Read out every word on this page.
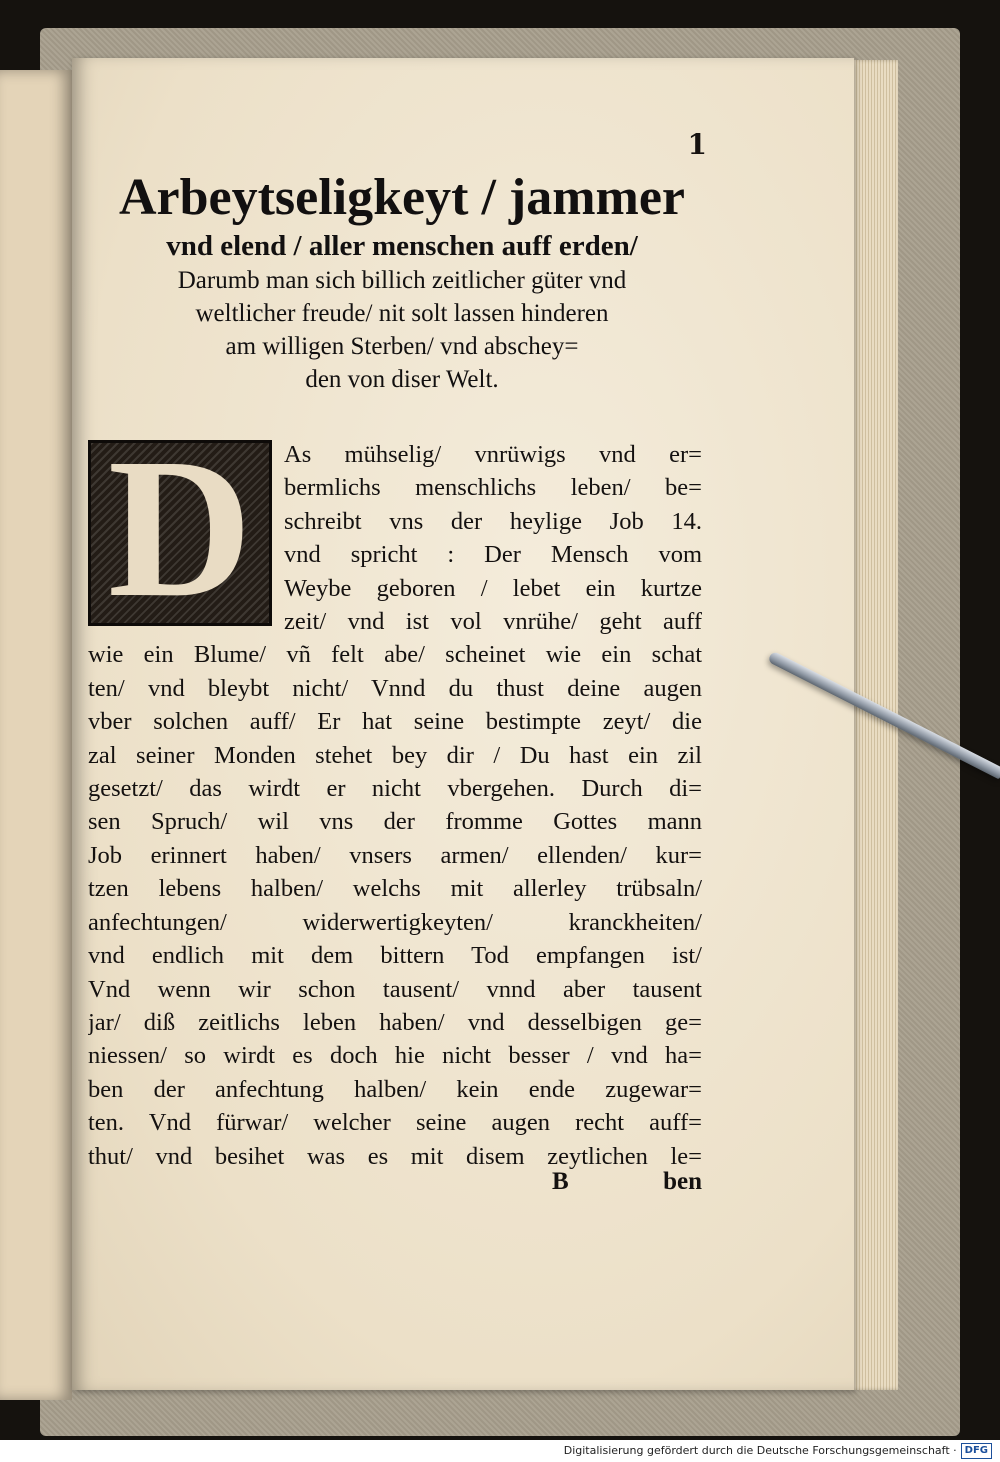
1
Arbeytseligkeyt / jammer
vnd elend / aller menschen auff erden/
Darumb man sich billich zeitlicher güter vnd
weltlicher freude/ nit solt lassen hinderen
am willigen Sterben/ vnd abschey=
den von diser Welt.
D	As mühselig/ vnrüwigs vnd er=
bermlichs menschlichs leben/ be=
schreibt vns der heylige Job 14.
vnd spricht : Der Mensch vom
Weybe geboren / lebet ein kurtze
zeit/ vnd ist vol vnrühe/ geht auff
wie ein Blume/ vñ felt abe/ scheinet wie ein schat
ten/ vnd bleybt nicht/ Vnnd du thust deine augen
vber solchen auff/ Er hat seine bestimpte zeyt/ die
zal seiner Monden stehet bey dir / Du hast ein zil
gesetzt/ das wirdt er nicht vbergehen. Durch di=
sen Spruch/ wil vns der fromme Gottes mann
Job erinnert haben/ vnsers armen/ ellenden/ kur=
tzen lebens halben/ welchs mit allerley trübsaln/
anfechtungen/ widerwertigkeyten/ kranckheiten/
vnd endlich mit dem bittern Tod empfangen ist/
Vnd wenn wir schon tausent/ vnnd aber tausent
jar/ diß zeitlichs leben haben/ vnd desselbigen ge=
niessen/ so wirdt es doch hie nicht besser / vnd ha=
ben der anfechtung halben/ kein ende zugewar=
ten. Vnd fürwar/ welcher seine augen recht auff=
thut/ vnd besihet was es mit disem zeytlichen le=
B	ben
Digitalisierung gefördert durch die Deutsche Forschungsgemeinschaft · DFG
